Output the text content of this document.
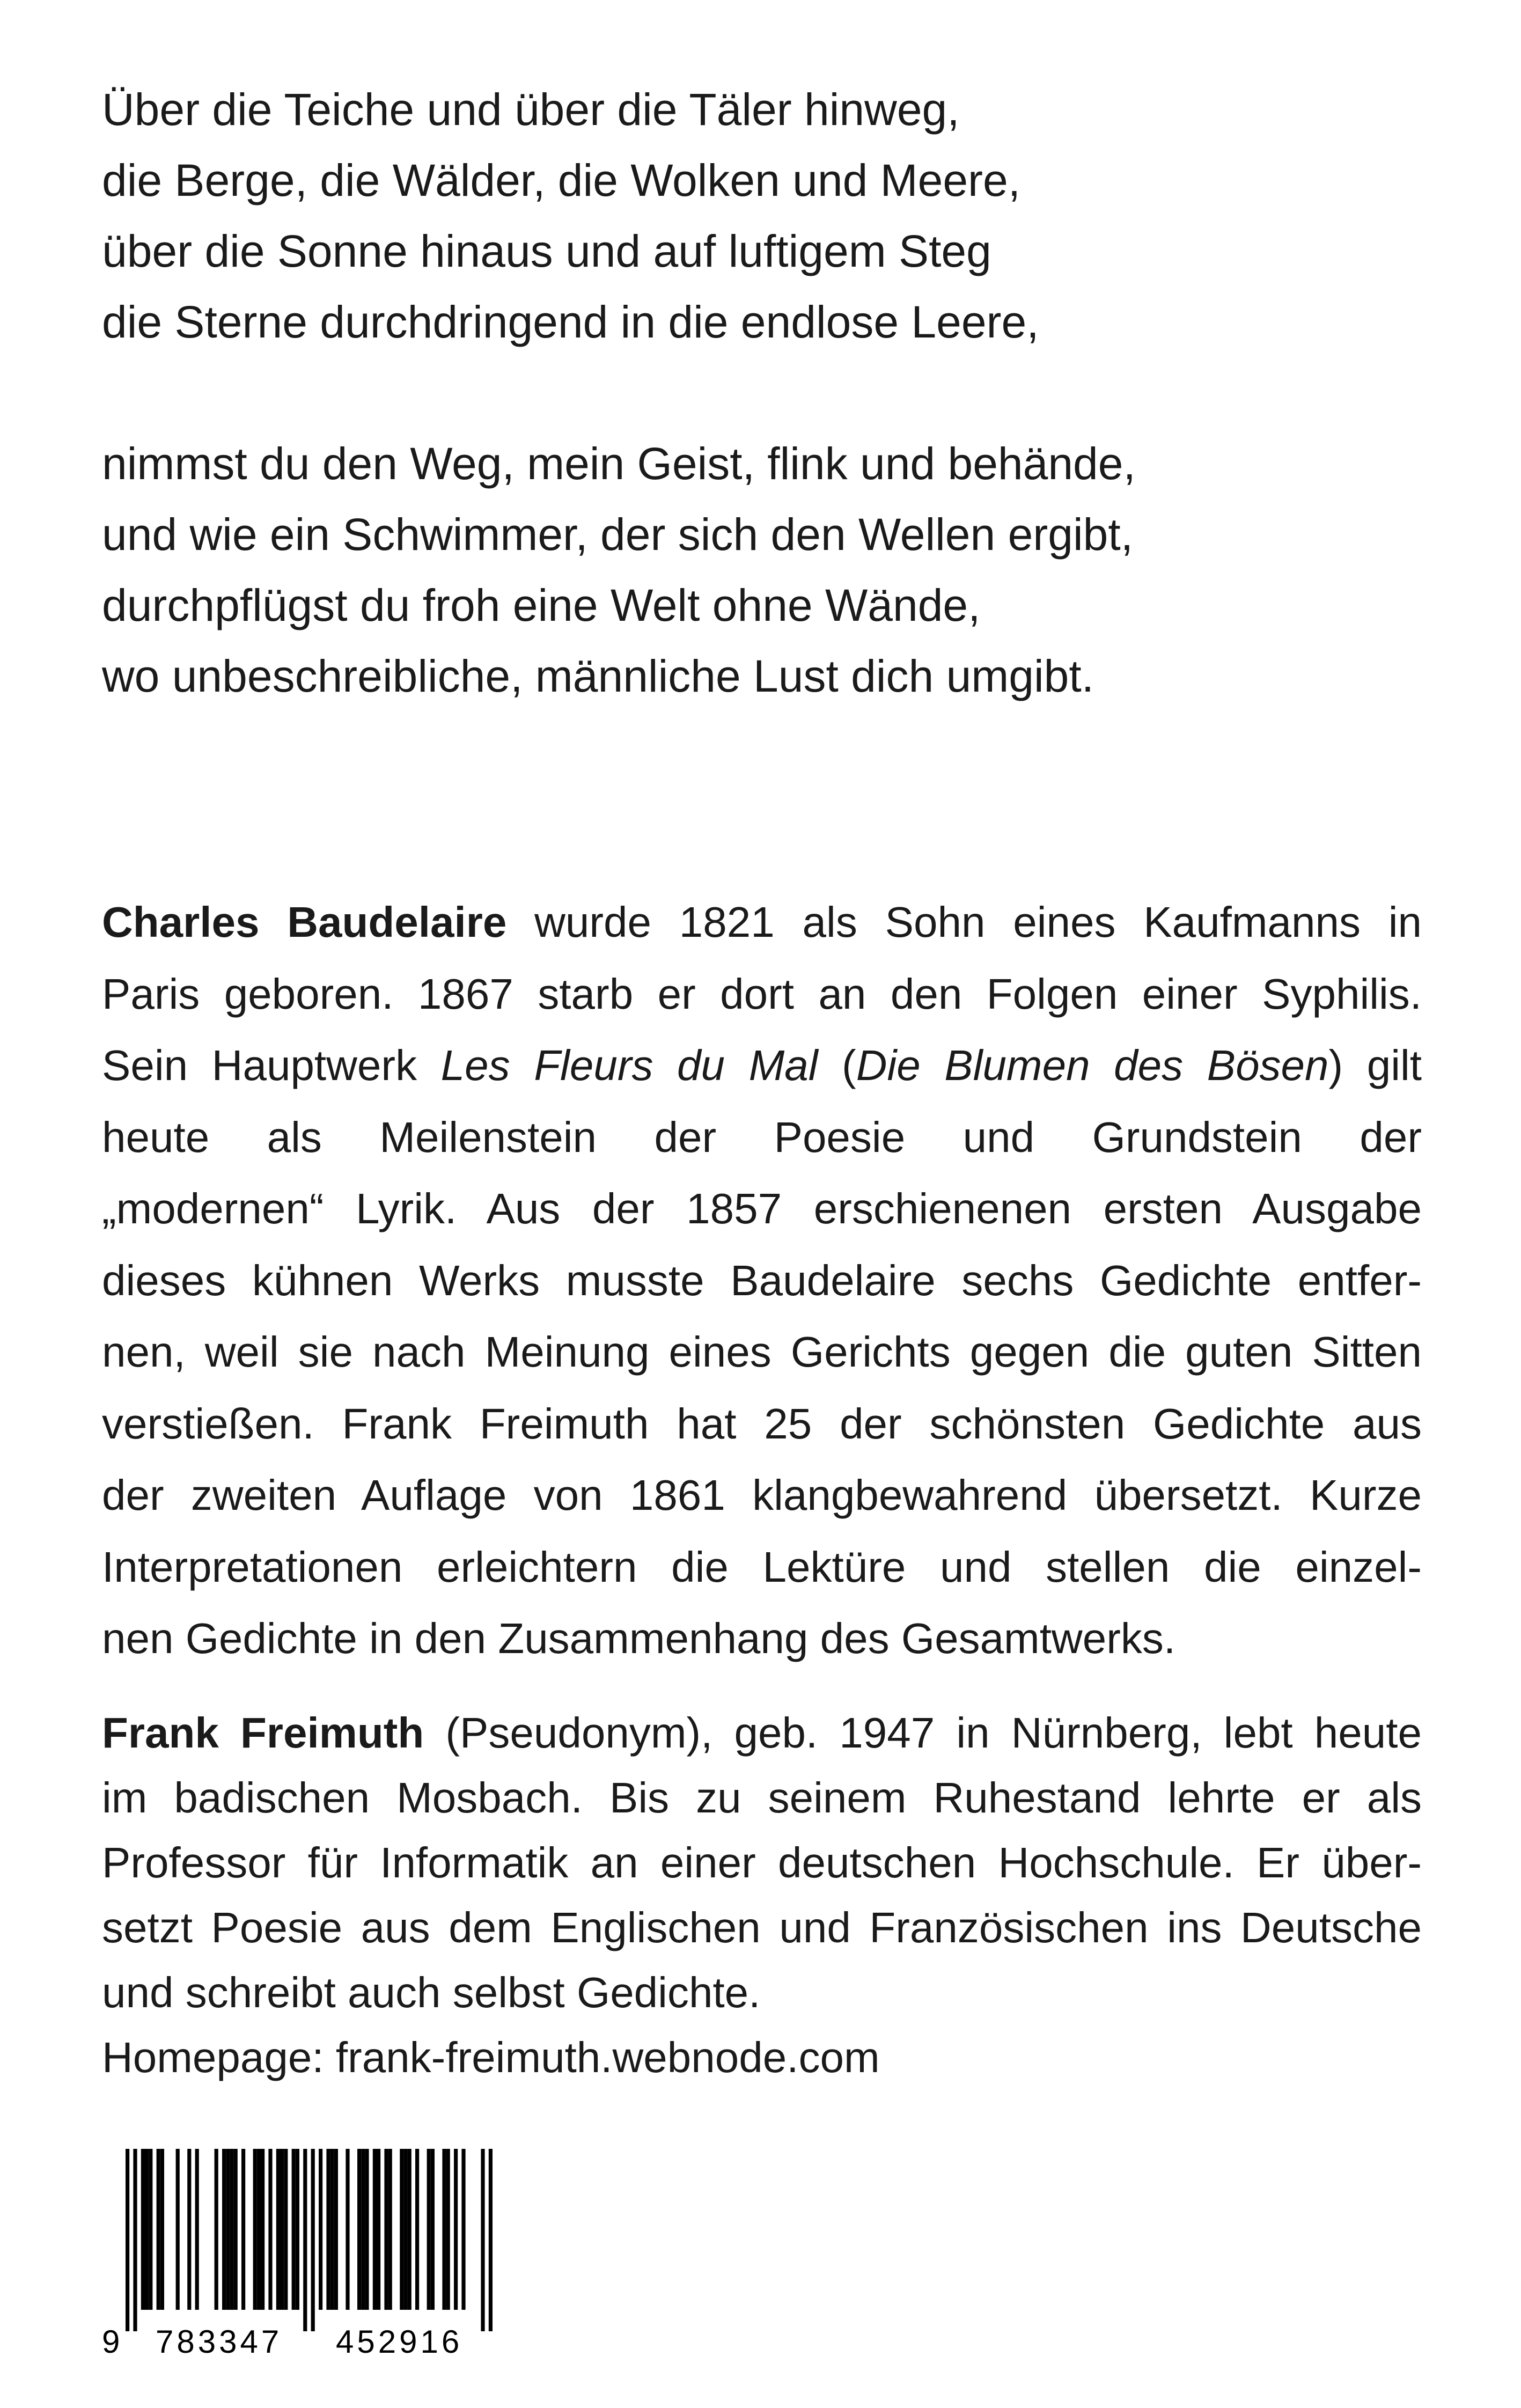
Über die Teiche und über die Täler hinweg,
die Berge, die Wälder, die Wolken und Meere,
über die Sonne hinaus und auf luftigem Steg
die Sterne durchdringend in die endlose Leere,

nimmst du den Weg, mein Geist, flink und behände,
und wie ein Schwimmer, der sich den Wellen ergibt,
durchpflügst du froh eine Welt ohne Wände,
wo unbeschreibliche, männliche Lust dich umgibt.

Charles Baudelaire wurde 1821 als Sohn eines Kaufmanns in
Paris geboren. 1867 starb er dort an den Folgen einer Syphilis.
Sein Hauptwerk Les Fleurs du Mal (Die Blumen des Bösen) gilt
heute als Meilenstein der Poesie und Grundstein der
„modernen“ Lyrik. Aus der 1857 erschienenen ersten Ausgabe
dieses kühnen Werks musste Baudelaire sechs Gedichte entfer-
nen, weil sie nach Meinung eines Gerichts gegen die guten Sitten
verstießen. Frank Freimuth hat 25 der schönsten Gedichte aus
der zweiten Auflage von 1861 klangbewahrend übersetzt. Kurze
Interpretationen erleichtern die Lektüre und stellen die einzel-
nen Gedichte in den Zusammenhang des Gesamtwerks.

Frank Freimuth (Pseudonym), geb. 1947 in Nürnberg, lebt heute
im badischen Mosbach. Bis zu seinem Ruhestand lehrte er als
Professor für Informatik an einer deutschen Hochschule. Er über-
setzt Poesie aus dem Englischen und Französischen ins Deutsche
und schreibt auch selbst Gedichte.
Homepage: frank-freimuth.webnode.com

9 783347 452916
